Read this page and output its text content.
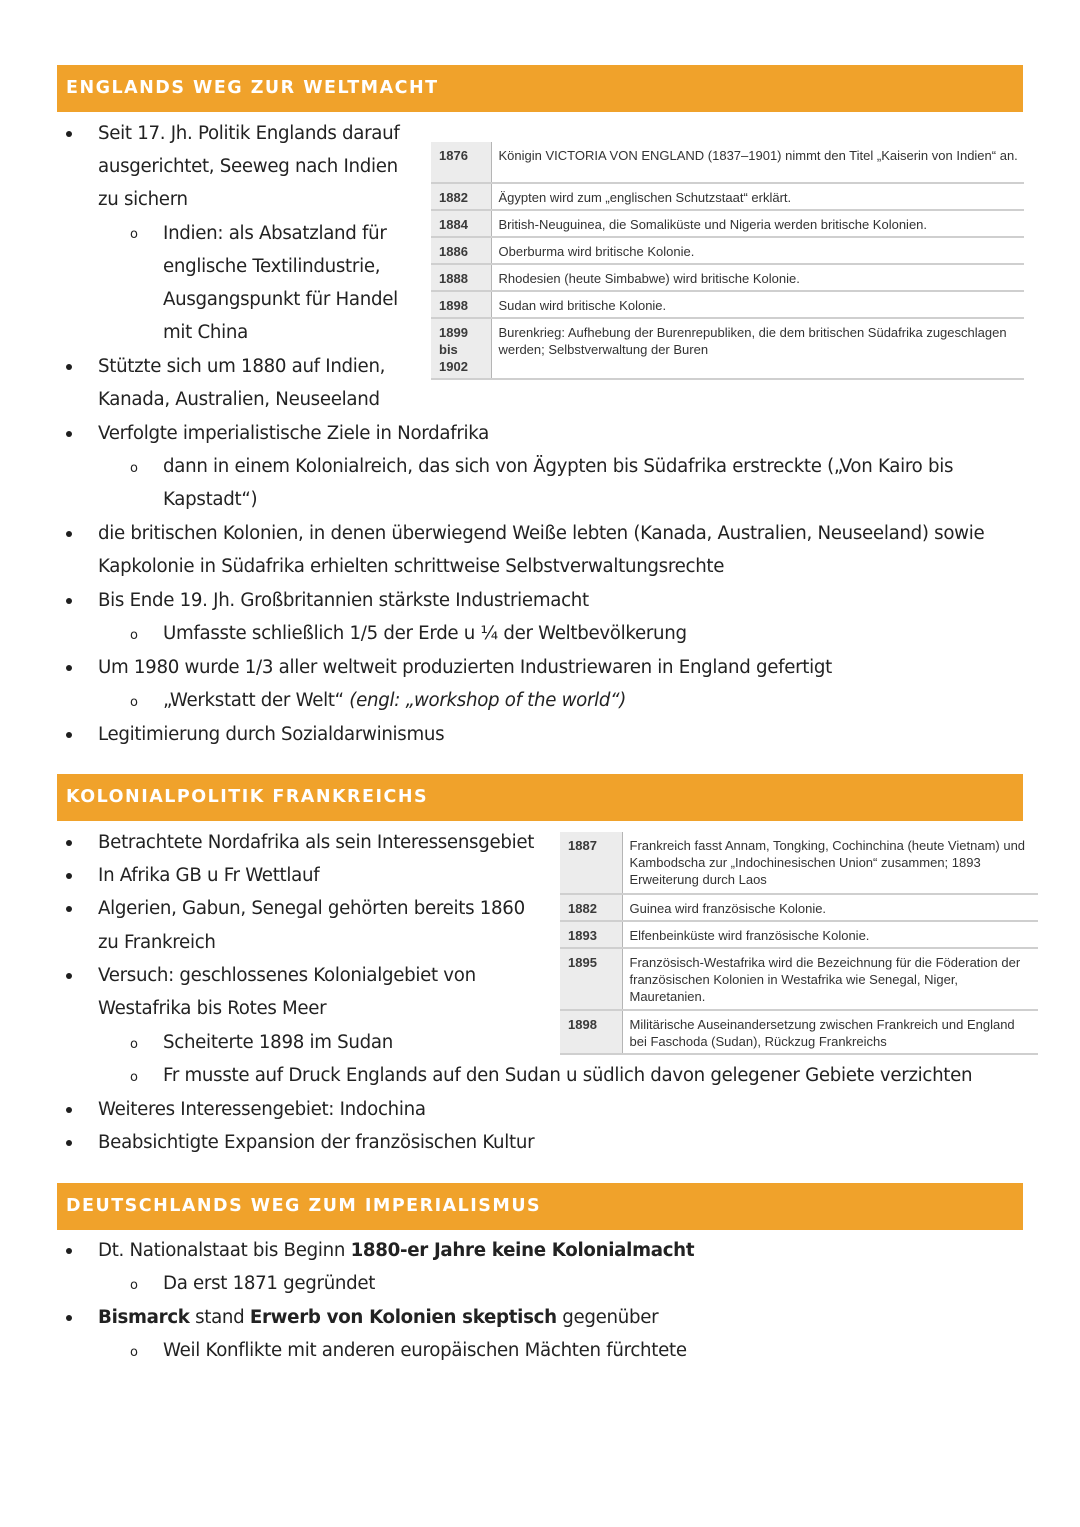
ENGLANDS WEG ZUR WELTMACHT
Seit 17. Jh. Politik Englands darauf
ausgerichtet, Seeweg nach Indien
zu sichern
o Indien: als Absatzland für
englische Textilindustrie,
Ausgangspunkt für Handel
mit China
Stützte sich um 1880 auf Indien,
Kanada, Australien, Neuseeland
Verfolgte imperialistische Ziele in Nordafrika
o dann in einem Kolonialreich, das sich von Ägypten bis Südafrika erstreckte („Von Kairo bis
Kapstadt“)
die britischen Kolonien, in denen überwiegend Weiße lebten (Kanada, Australien, Neuseeland) sowie
Kapkolonie in Südafrika erhielten schrittweise Selbstverwaltungsrechte
Bis Ende 19. Jh. Großbritannien stärkste Industriemacht
o Umfasste schließlich 1/5 der Erde u ¼ der Weltbevölkerung
Um 1980 wurde 1/3 aller weltweit produzierten Industriewaren in England gefertigt
o „Werkstatt der Welt“ (engl: „workshop of the world“)
Legitimierung durch Sozialdarwinismus
1876	Königin VICTORIA VON ENGLAND (1837–1901) nimmt den Titel „Kaiserin von Indien“ an.
1882	Ägypten wird zum „englischen Schutzstaat“ erklärt.
1884	British-Neuguinea, die Somaliküste und Nigeria werden britische Kolonien.
1886	Oberburma wird britische Kolonie.
1888	Rhodesien (heute Simbabwe) wird britische Kolonie.
1898	Sudan wird britische Kolonie.
1899 bis 1902	Burenkrieg: Aufhebung der Burenrepubliken, die dem britischen Südafrika zugeschlagen werden; Selbstverwaltung der Buren
KOLONIALPOLITIK FRANKREICHS
Betrachtete Nordafrika als sein Interessensgebiet
In Afrika GB u Fr Wettlauf
Algerien, Gabun, Senegal gehörten bereits 1860
zu Frankreich
Versuch: geschlossenes Kolonialgebiet von
Westafrika bis Rotes Meer
o Scheiterte 1898 im Sudan
o Fr musste auf Druck Englands auf den Sudan u südlich davon gelegener Gebiete verzichten
Weiteres Interessengebiet: Indochina
Beabsichtigte Expansion der französischen Kultur
1887	Frankreich fasst Annam, Tongking, Cochinchina (heute Vietnam) und Kambodscha zur „Indochinesischen Union“ zusammen; 1893 Erweiterung durch Laos
1882	Guinea wird französische Kolonie.
1893	Elfenbeinküste wird französische Kolonie.
1895	Französisch-Westafrika wird die Bezeichnung für die Föderation der französischen Kolonien in Westafrika wie Senegal, Niger, Mauretanien.
1898	Militärische Auseinandersetzung zwischen Frankreich und England bei Faschoda (Sudan), Rückzug Frankreichs
DEUTSCHLANDS WEG ZUM IMPERIALISMUS
Dt. Nationalstaat bis Beginn 1880-er Jahre keine Kolonialmacht
o Da erst 1871 gegründet
Bismarck stand Erwerb von Kolonien skeptisch gegenüber
o Weil Konflikte mit anderen europäischen Mächten fürchtete
